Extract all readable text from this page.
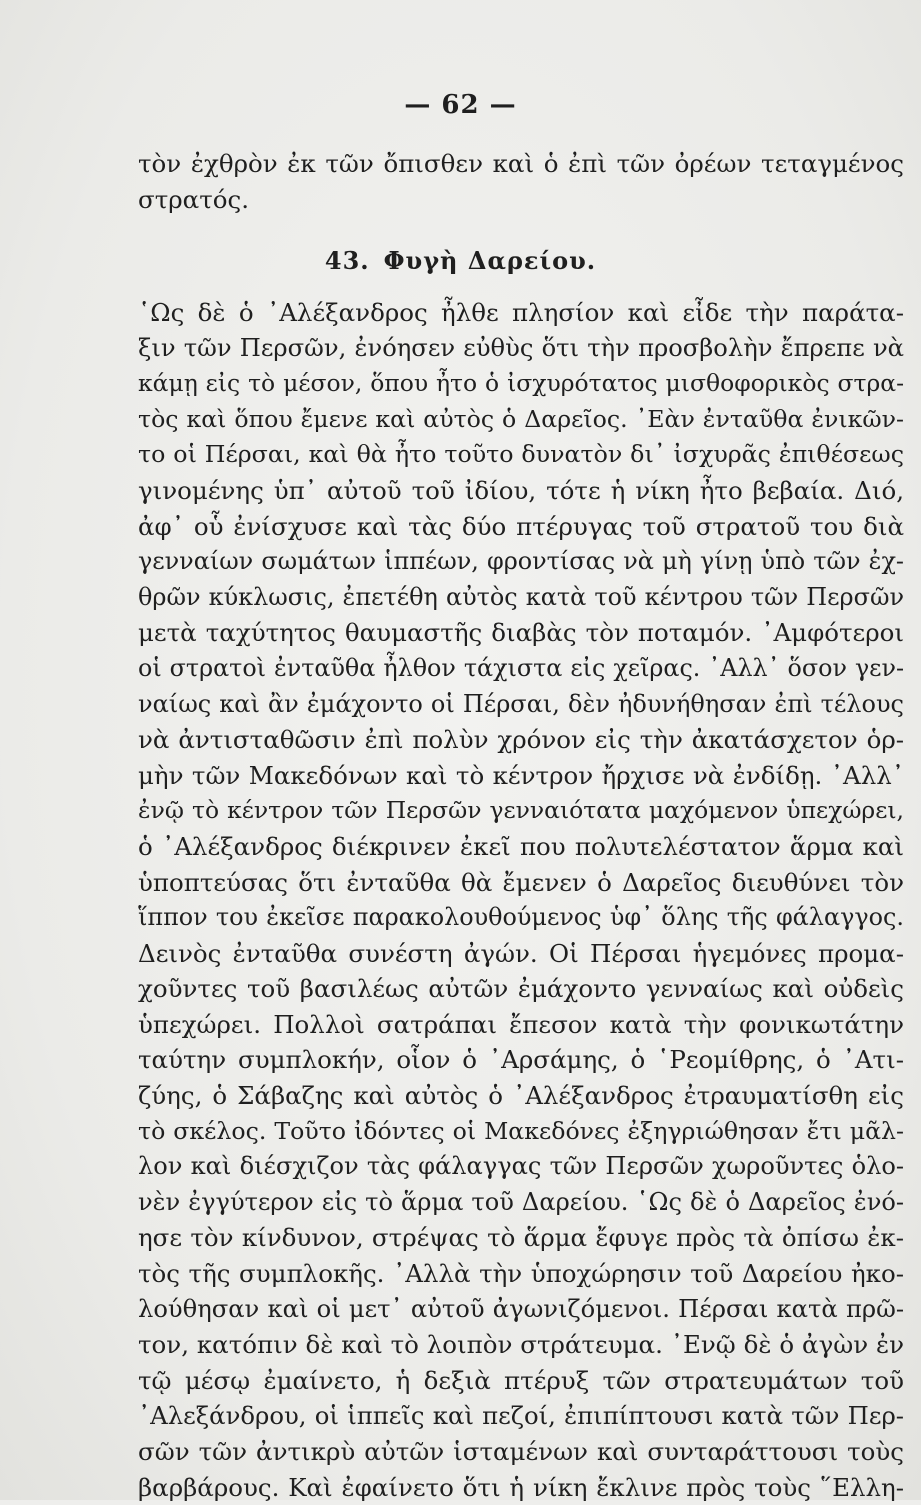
— 62 —
τὸν ἐχθρὸν ἐκ τῶν ὄπισθεν καὶ ὁ ἐπὶ τῶν ὀρέων τεταγμένος
στρατός.
43. Φυγὴ Δαρείου.
῾Ως δὲ ὁ ᾿Αλέξανδρος ἦλθε πλησίον καὶ εἶδε τὴν παράτα-
ξιν τῶν Περσῶν, ἐνόησεν εὐθὺς ὅτι τὴν προσβολὴν ἔπρεπε νὰ
κάμῃ εἰς τὸ μέσον, ὅπου ἦτο ὁ ἰσχυρότατος μισθοφορικὸς στρα-
τὸς καὶ ὅπου ἔμενε καὶ αὐτὸς ὁ Δαρεῖος. ᾿Εὰν ἐνταῦθα ἐνικῶν-
το οἱ Πέρσαι, καὶ θὰ ἦτο τοῦτο δυνατὸν δι᾿ ἰσχυρᾶς ἐπιθέσεως
γινομένης ὑπ᾿ αὐτοῦ τοῦ ἰδίου, τότε ἡ νίκη ἦτο βεβαία. Διό,
ἀφ᾿ οὗ ἐνίσχυσε καὶ τὰς δύο πτέρυγας τοῦ στρατοῦ του διὰ
γενναίων σωμάτων ἱππέων, φροντίσας νὰ μὴ γίνῃ ὑπὸ τῶν ἐχ-
θρῶν κύκλωσις, ἐπετέθη αὐτὸς κατὰ τοῦ κέντρου τῶν Περσῶν
μετὰ ταχύτητος θαυμαστῆς διαβὰς τὸν ποταμόν. ᾿Αμφότεροι
οἱ στρατοὶ ἐνταῦθα ἦλθον τάχιστα εἰς χεῖρας. ᾿Αλλ᾿ ὅσον γεν-
ναίως καὶ ἂν ἐμάχοντο οἱ Πέρσαι, δὲν ἠδυνήθησαν ἐπὶ τέλους
νὰ ἀντισταθῶσιν ἐπὶ πολὺν χρόνον εἰς τὴν ἀκατάσχετον ὁρ-
μὴν τῶν Μακεδόνων καὶ τὸ κέντρον ἤρχισε νὰ ἐνδίδῃ. ᾿Αλλ᾿
ἐνῷ τὸ κέντρον τῶν Περσῶν γενναιότατα μαχόμενον ὑπεχώρει,
ὁ ᾿Αλέξανδρος διέκρινεν ἐκεῖ που πολυτελέστατον ἅρμα καὶ
ὑποπτεύσας ὅτι ἐνταῦθα θὰ ἔμενεν ὁ Δαρεῖος διευθύνει τὸν
ἵππον του ἐκεῖσε παρακολουθούμενος ὑφ᾿ ὅλης τῆς φάλαγγος.
Δεινὸς ἐνταῦθα συνέστη ἀγών. Οἱ Πέρσαι ἡγεμόνες προμα-
χοῦντες τοῦ βασιλέως αὐτῶν ἐμάχοντο γενναίως καὶ οὐδεὶς
ὑπεχώρει. Πολλοὶ σατράπαι ἔπεσον κατὰ τὴν φονικωτάτην
ταύτην συμπλοκήν, οἷον ὁ ᾿Αρσάμης, ὁ ῾Ρεομίθρης, ὁ ᾿Ατι-
ζύης, ὁ Σάβαζης καὶ αὐτὸς ὁ ᾿Αλέξανδρος ἐτραυματίσθη εἰς
τὸ σκέλος. Τοῦτο ἰδόντες οἱ Μακεδόνες ἐξηγριώθησαν ἔτι μᾶλ-
λον καὶ διέσχιζον τὰς φάλαγγας τῶν Περσῶν χωροῦντες ὁλο-
νὲν ἐγγύτερον εἰς τὸ ἅρμα τοῦ Δαρείου. ῾Ως δὲ ὁ Δαρεῖος ἐνό-
ησε τὸν κίνδυνον, στρέψας τὸ ἅρμα ἔφυγε πρὸς τὰ ὀπίσω ἐκ-
τὸς τῆς συμπλοκῆς. ᾿Αλλὰ τὴν ὑποχώρησιν τοῦ Δαρείου ἠκο-
λούθησαν καὶ οἱ μετ᾿ αὐτοῦ ἀγωνιζόμενοι. Πέρσαι κατὰ πρῶ-
τον, κατόπιν δὲ καὶ τὸ λοιπὸν στράτευμα. ᾿Ενῷ δὲ ὁ ἀγὼν ἐν
τῷ μέσῳ ἐμαίνετο, ἡ δεξιὰ πτέρυξ τῶν στρατευμάτων τοῦ
᾿Αλεξάνδρου, οἱ ἱππεῖς καὶ πεζοί, ἐπιπίπτουσι κατὰ τῶν Περ-
σῶν τῶν ἀντικρὺ αὐτῶν ἱσταμένων καὶ συνταράττουσι τοὺς
βαρβάρους. Καὶ ἐφαίνετο ὅτι ἡ νίκη ἔκλινε πρὸς τοὺς ῞Ελλη-
